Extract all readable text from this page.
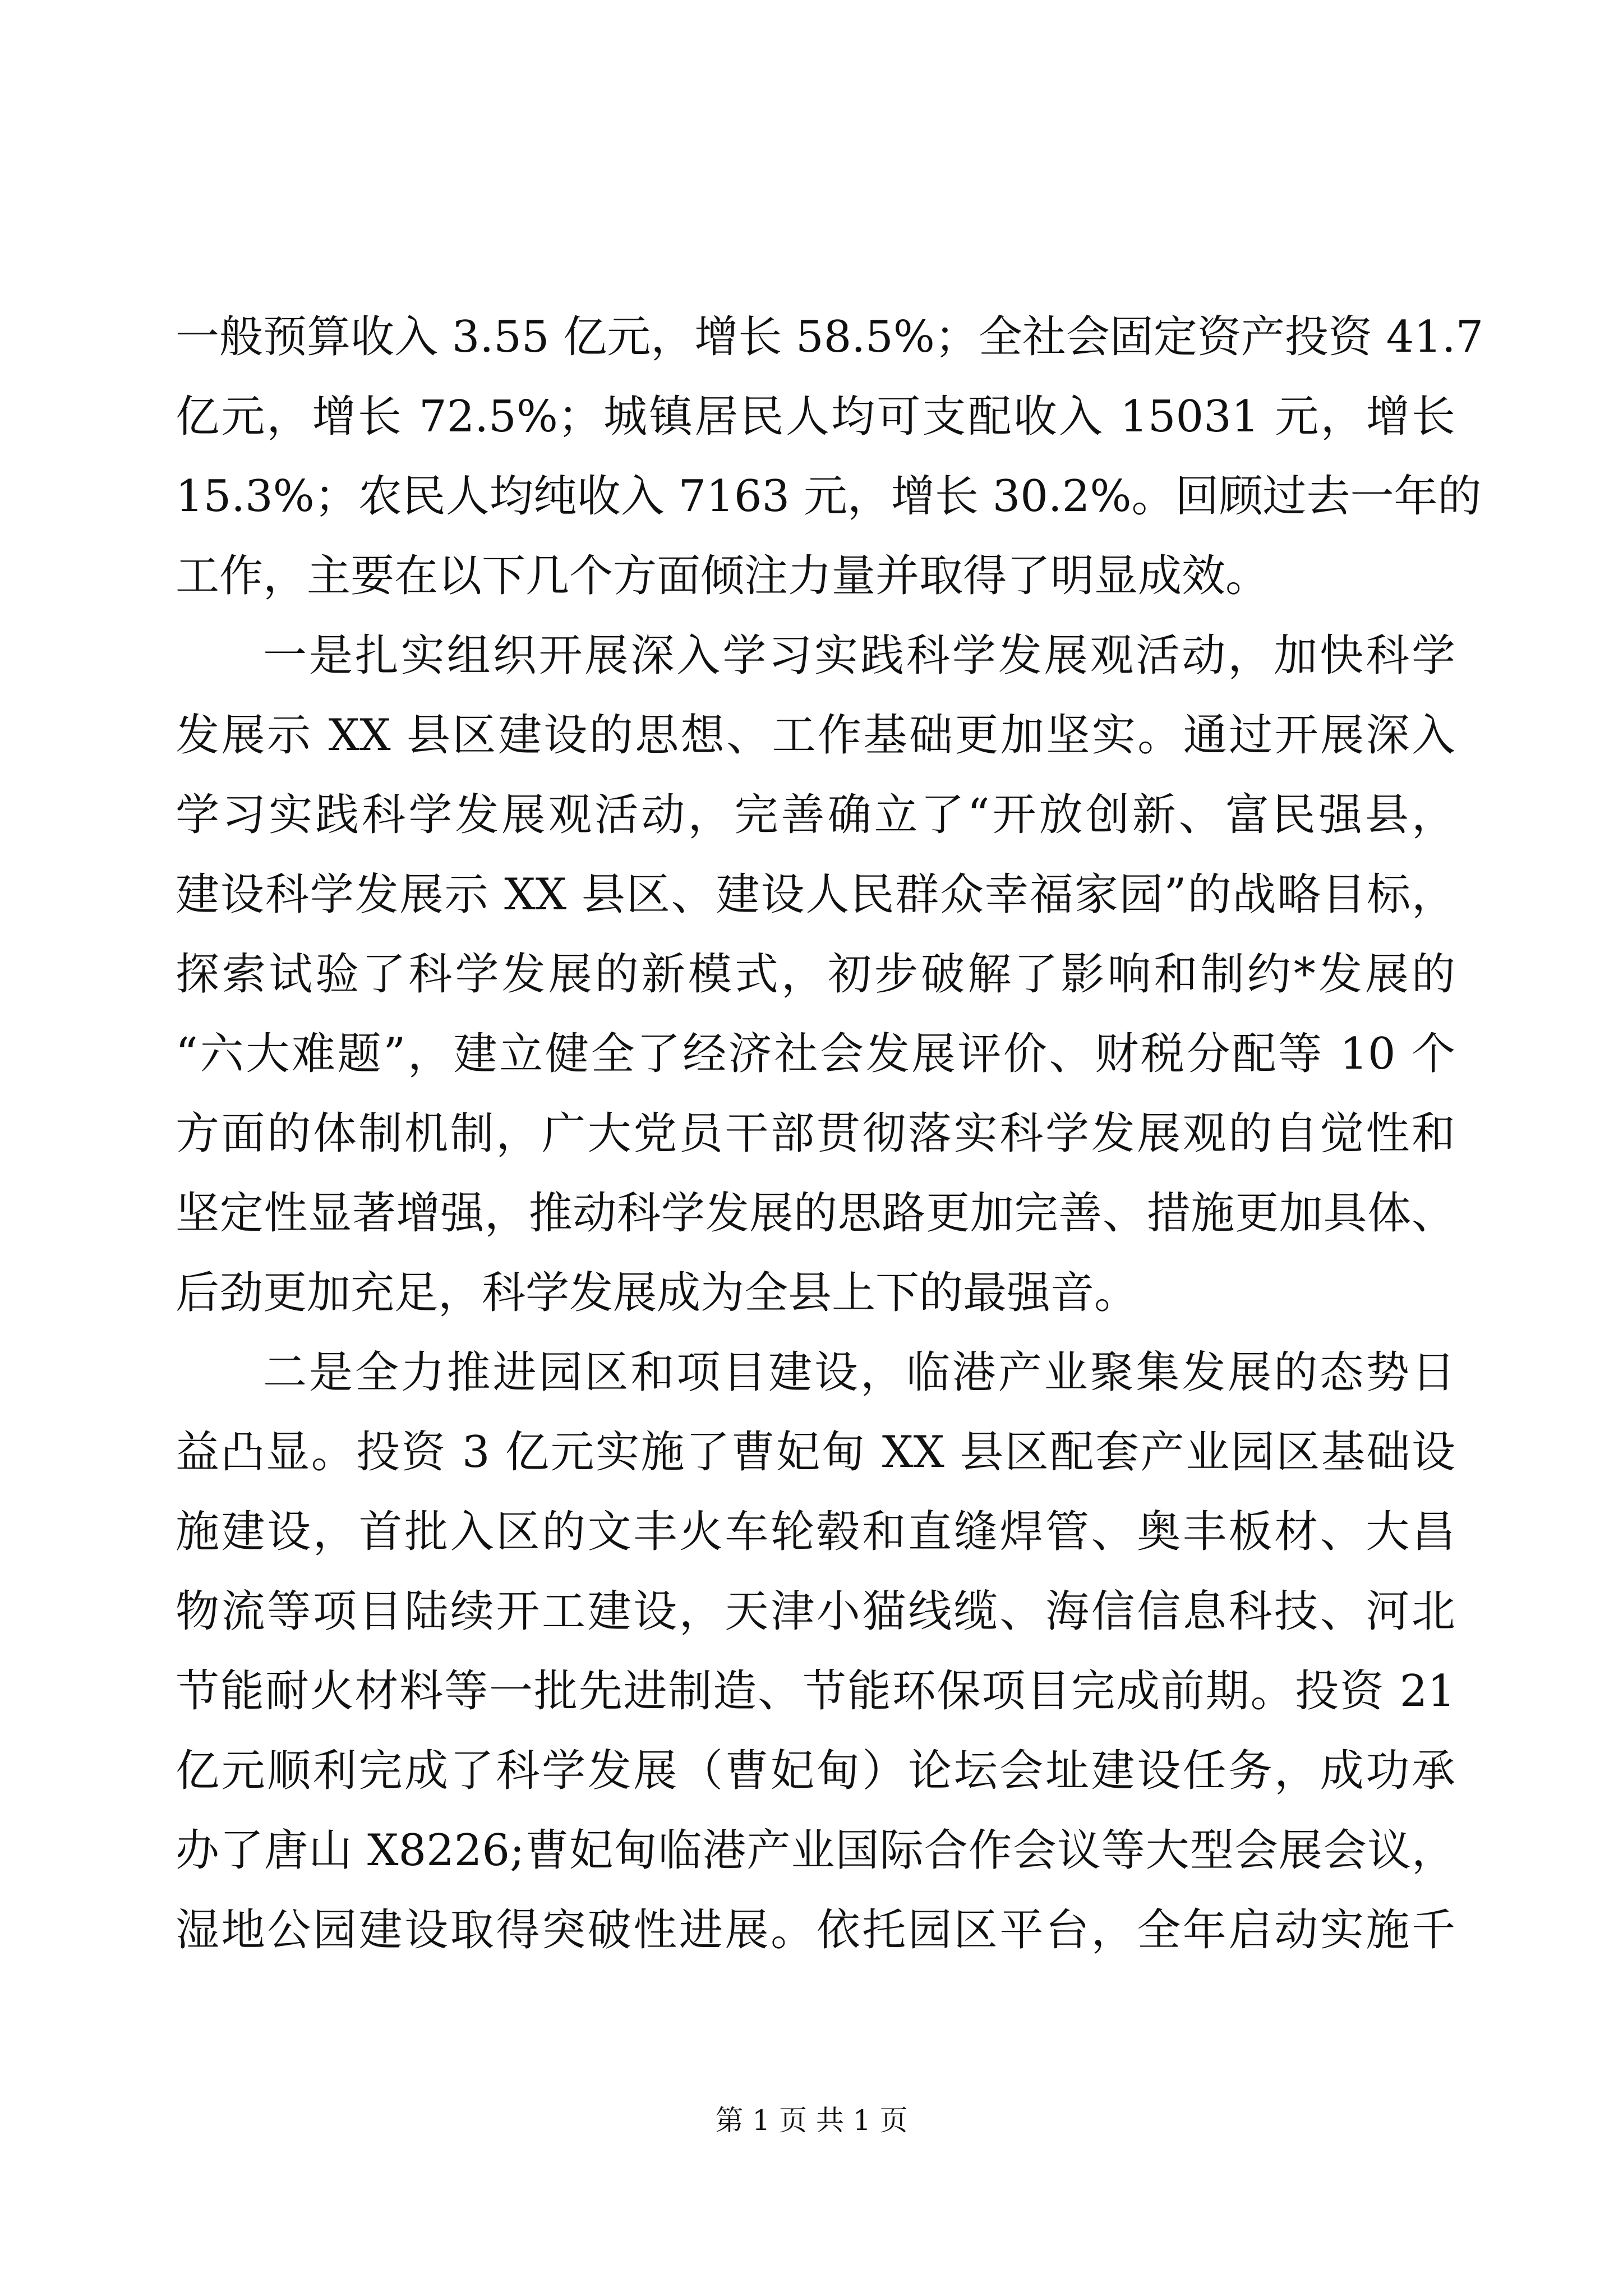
一般预算收入 3.55 亿元，增长 58.5%；全社会固定资产投资 41.7
亿元，增长 72.5%；城镇居民人均可支配收入 15031 元，增长
15.3%；农民人均纯收入 7163 元，增长 30.2%。回顾过去一年的
工作，主要在以下几个方面倾注力量并取得了明显成效。
一是扎实组织开展深入学习实践科学发展观活动，加快科学
发展示 XX 县区建设的思想、工作基础更加坚实。通过开展深入
学习实践科学发展观活动，完善确立了“开放创新、富民强县，
建设科学发展示 XX 县区、建设人民群众幸福家园”的战略目标，
探索试验了科学发展的新模式，初步破解了影响和制约*发展的
“六大难题”，建立健全了经济社会发展评价、财税分配等 10 个
方面的体制机制，广大党员干部贯彻落实科学发展观的自觉性和
坚定性显著增强，推动科学发展的思路更加完善、措施更加具体、
后劲更加充足，科学发展成为全县上下的最强音。
二是全力推进园区和项目建设，临港产业聚集发展的态势日
益凸显。投资 3 亿元实施了曹妃甸 XX 县区配套产业园区基础设
施建设，首批入区的文丰火车轮毂和直缝焊管、奥丰板材、大昌
物流等项目陆续开工建设，天津小猫线缆、海信信息科技、河北
节能耐火材料等一批先进制造、节能环保项目完成前期。投资 21
亿元顺利完成了科学发展（曹妃甸）论坛会址建设任务，成功承
办了唐山 X8226;曹妃甸临港产业国际合作会议等大型会展会议，
湿地公园建设取得突破性进展。依托园区平台，全年启动实施千
第 1 页 共 1 页
